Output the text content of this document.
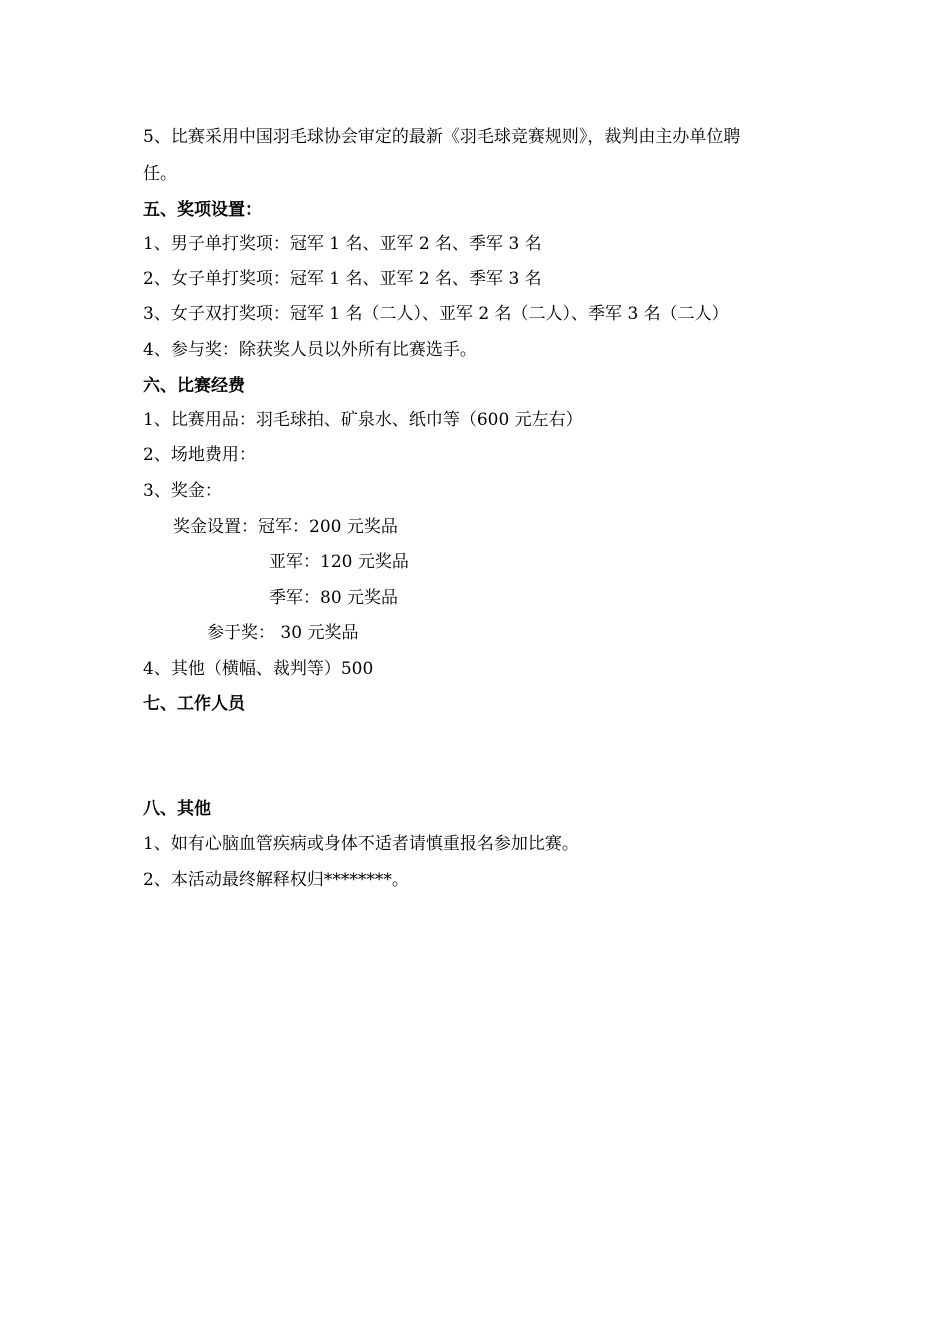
5、比赛采用中国羽毛球协会审定的最新《羽毛球竞赛规则》，裁判由主办单位聘
任。
五、奖项设置：
1、男子单打奖项：冠军 1 名、亚军 2 名、季军 3 名
2、女子单打奖项：冠军 1 名、亚军 2 名、季军 3 名
3、女子双打奖项：冠军 1 名（二人）、亚军 2 名（二人）、季军 3 名（二人）
4、参与奖：除获奖人员以外所有比赛选手。
六、比赛经费
1、比赛用品：羽毛球拍、矿泉水、纸巾等（600 元左右）
2、场地费用：
3、奖金：
奖金设置：冠军：200 元奖品
亚军：120 元奖品
季军：80 元奖品
参于奖： 30 元奖品
4、其他（横幅、裁判等）500
七、工作人员
八、其他
1、如有心脑血管疾病或身体不适者请慎重报名参加比赛。
2、本活动最终解释权归********。
